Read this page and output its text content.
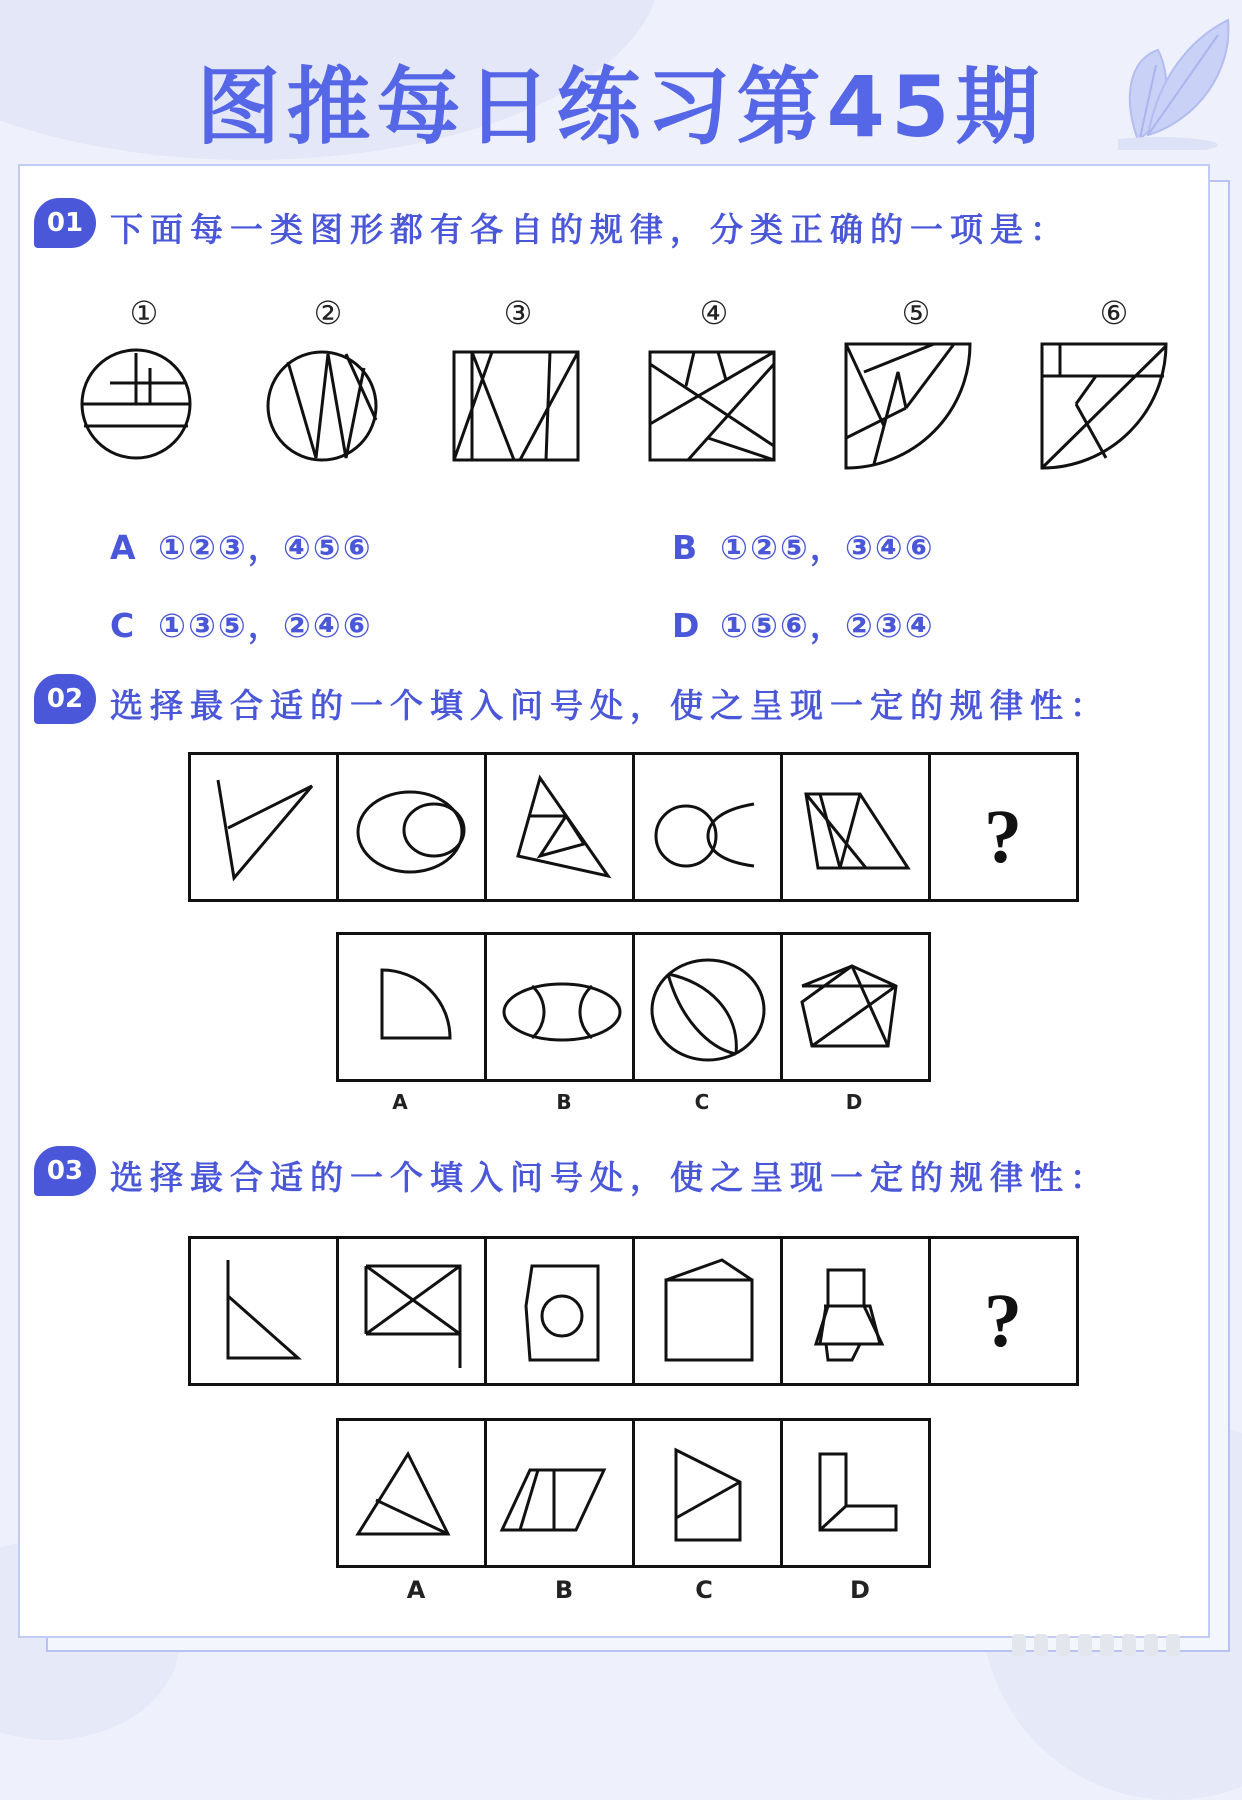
图推每日练习第45期
01 下面每一类图形都有各自的规律，分类正确的一项是：
①	②	③	④	⑤	⑥
A ①②③，④⑤⑥	B ①②⑤，③④⑥
C ①③⑤，②④⑥	D ①⑤⑥，②③④
02 选择最合适的一个填入问号处，使之呈现一定的规律性：
?
A	B	C	D
03 选择最合适的一个填入问号处，使之呈现一定的规律性：
?
A	B	C	D
